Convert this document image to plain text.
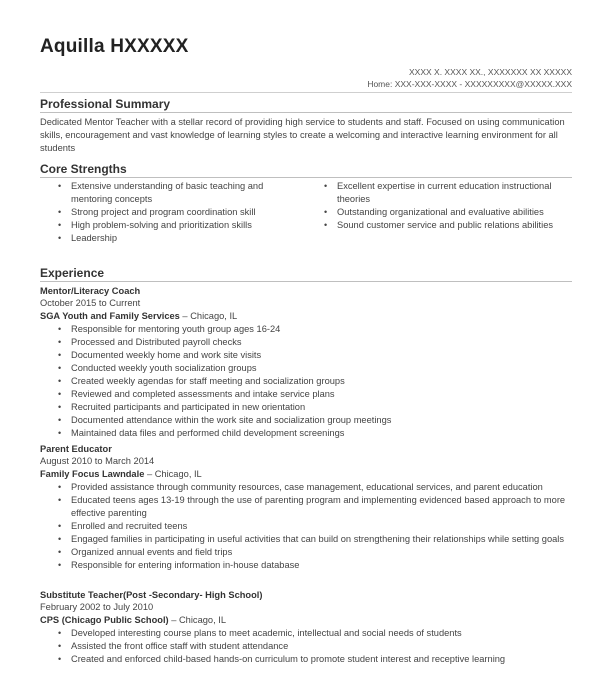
Aquilla HXXXXX
XXXX X. XXXX XX., XXXXXXX XX XXXXX
Home: XXX-XXX-XXXX - XXXXXXXXX@XXXXX.XXX
Professional Summary
Dedicated Mentor Teacher with a stellar record of providing high service to students and staff. Focused on using communication skills, encouragement and vast knowledge of learning styles to create a welcoming and interactive learning environment for all students
Core Strengths
• Extensive understanding of basic teaching and mentoring concepts
• Strong project and program coordination skill
• High problem-solving and prioritization skills
• Leadership
• Excellent expertise in current education instructional theories
• Outstanding organizational and evaluative abilities
• Sound customer service and public relations abilities
Experience
Mentor/Literacy Coach
October 2015 to Current
SGA Youth and Family Services – Chicago, IL
• Responsible for mentoring youth group ages 16-24
• Processed and Distributed payroll checks
• Documented weekly home and work site visits
• Conducted weekly youth socialization groups
• Created weekly agendas for staff meeting and socialization groups
• Reviewed and completed assessments and intake service plans
• Recruited participants and participated in new orientation
• Documented attendance within the work site and socialization group meetings
• Maintained data files and performed child development screenings
Parent Educator
August 2010 to March 2014
Family Focus Lawndale – Chicago, IL
• Provided assistance through community resources, case management, educational services, and parent education
• Educated teens ages 13-19 through the use of parenting program and implementing evidenced based approach to more effective parenting
• Enrolled and recruited teens
• Engaged families in participating in useful activities that can build on strengthening their relationships while setting goals
• Organized annual events and field trips
• Responsible for entering information in-house database
Substitute Teacher(Post -Secondary- High School)
February 2002 to July 2010
CPS (Chicago Public School) – Chicago, IL
• Developed interesting course plans to meet academic, intellectual and social needs of students
• Assisted the front office staff with student attendance
• Created and enforced child-based hands-on curriculum to promote student interest and receptive learning
